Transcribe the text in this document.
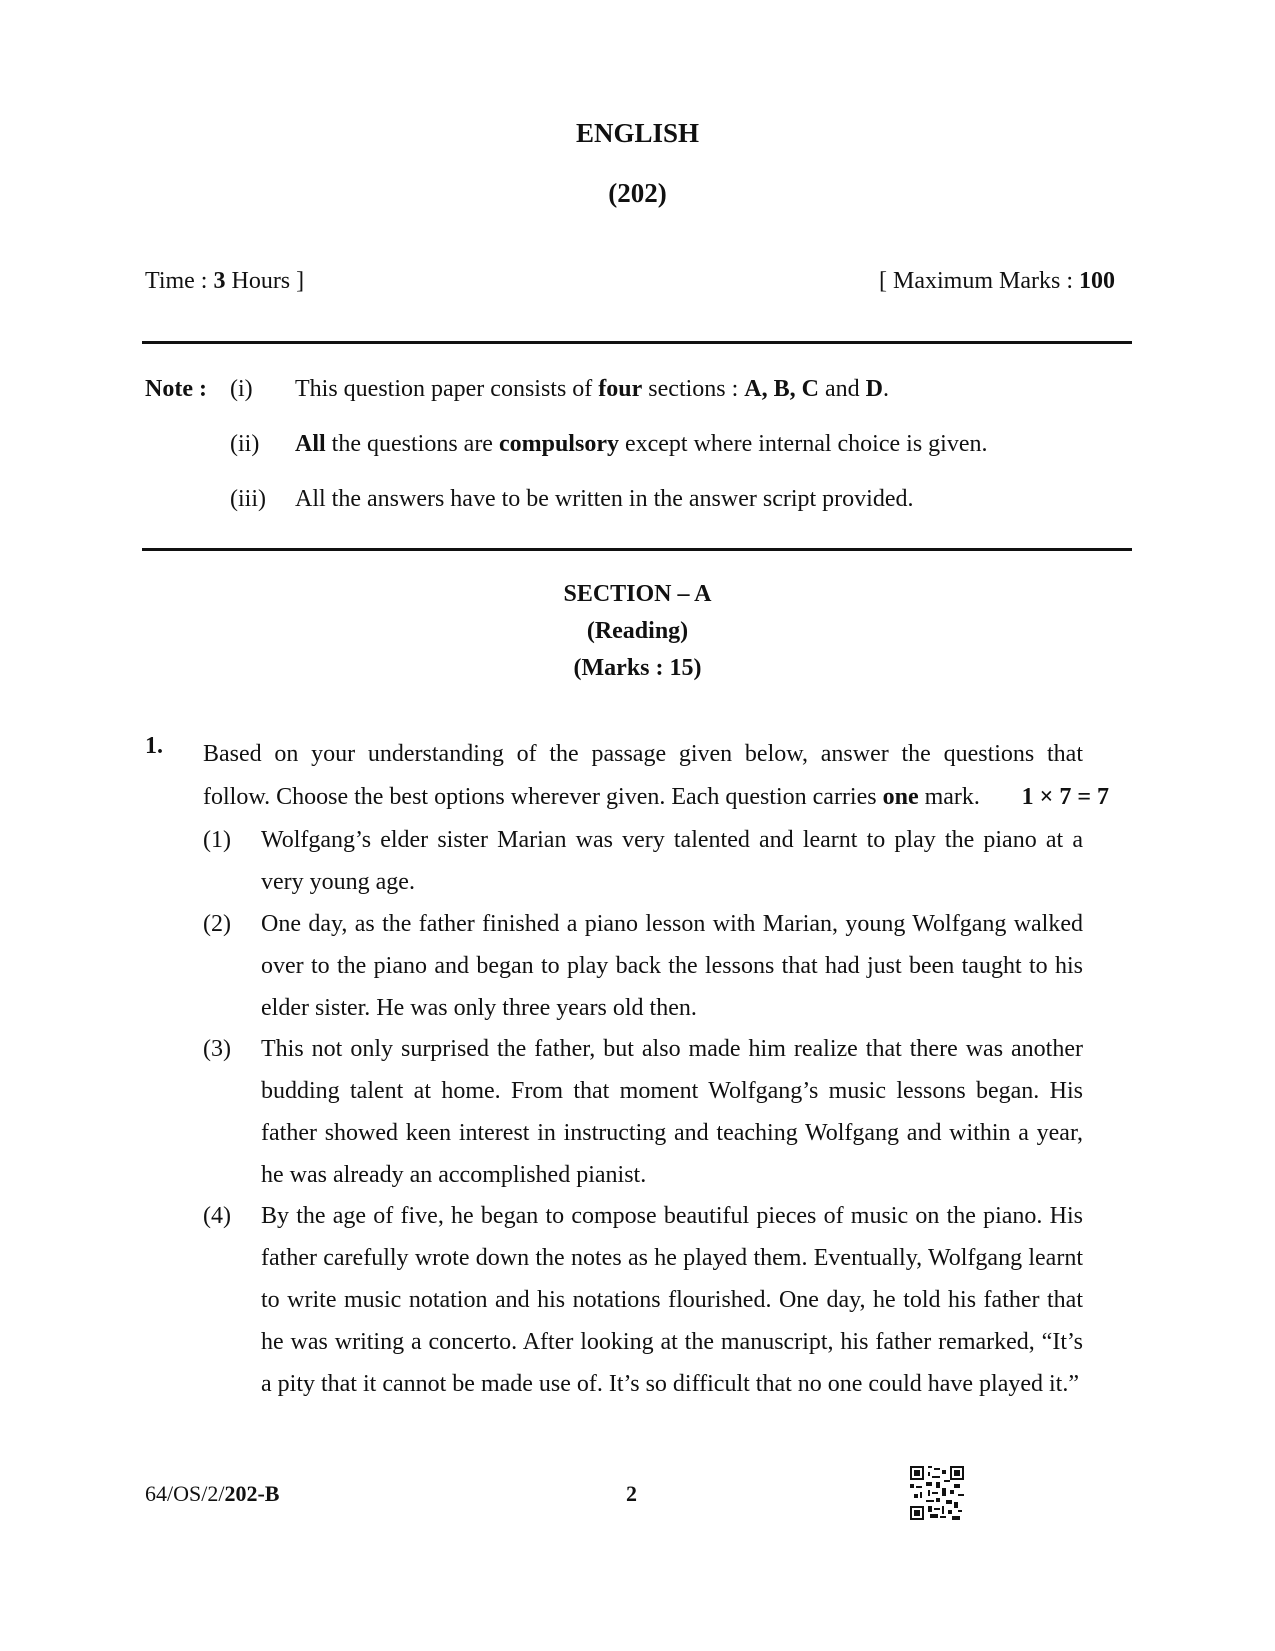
ENGLISH
(202)
Time : 3 Hours ]	[ Maximum Marks : 100
Note : (i) This question paper consists of four sections : A, B, C and D.
(ii) All the questions are compulsory except where internal choice is given.
(iii) All the answers have to be written in the answer script provided.
SECTION – A
(Reading)
(Marks : 15)
1. Based on your understanding of the passage given below, answer the questions that
follow. Choose the best options wherever given. Each question carries one mark.	1 × 7 = 7
(1) Wolfgang’s elder sister Marian was very talented and learnt to play the piano at a very young age.
(2) One day, as the father finished a piano lesson with Marian, young Wolfgang walked over to the piano and began to play back the lessons that had just been taught to his elder sister. He was only three years old then.
(3) This not only surprised the father, but also made him realize that there was another budding talent at home. From that moment Wolfgang’s music lessons began. His father showed keen interest in instructing and teaching Wolfgang and within a year, he was already an accomplished pianist.
(4) By the age of five, he began to compose beautiful pieces of music on the piano. His father carefully wrote down the notes as he played them. Eventually, Wolfgang learnt to write music notation and his notations flourished. One day, he told his father that he was writing a concerto. After looking at the manuscript, his father remarked, “It’s a pity that it cannot be made use of. It’s so difficult that no one could have played it.”
64/OS/2/202-B	2
